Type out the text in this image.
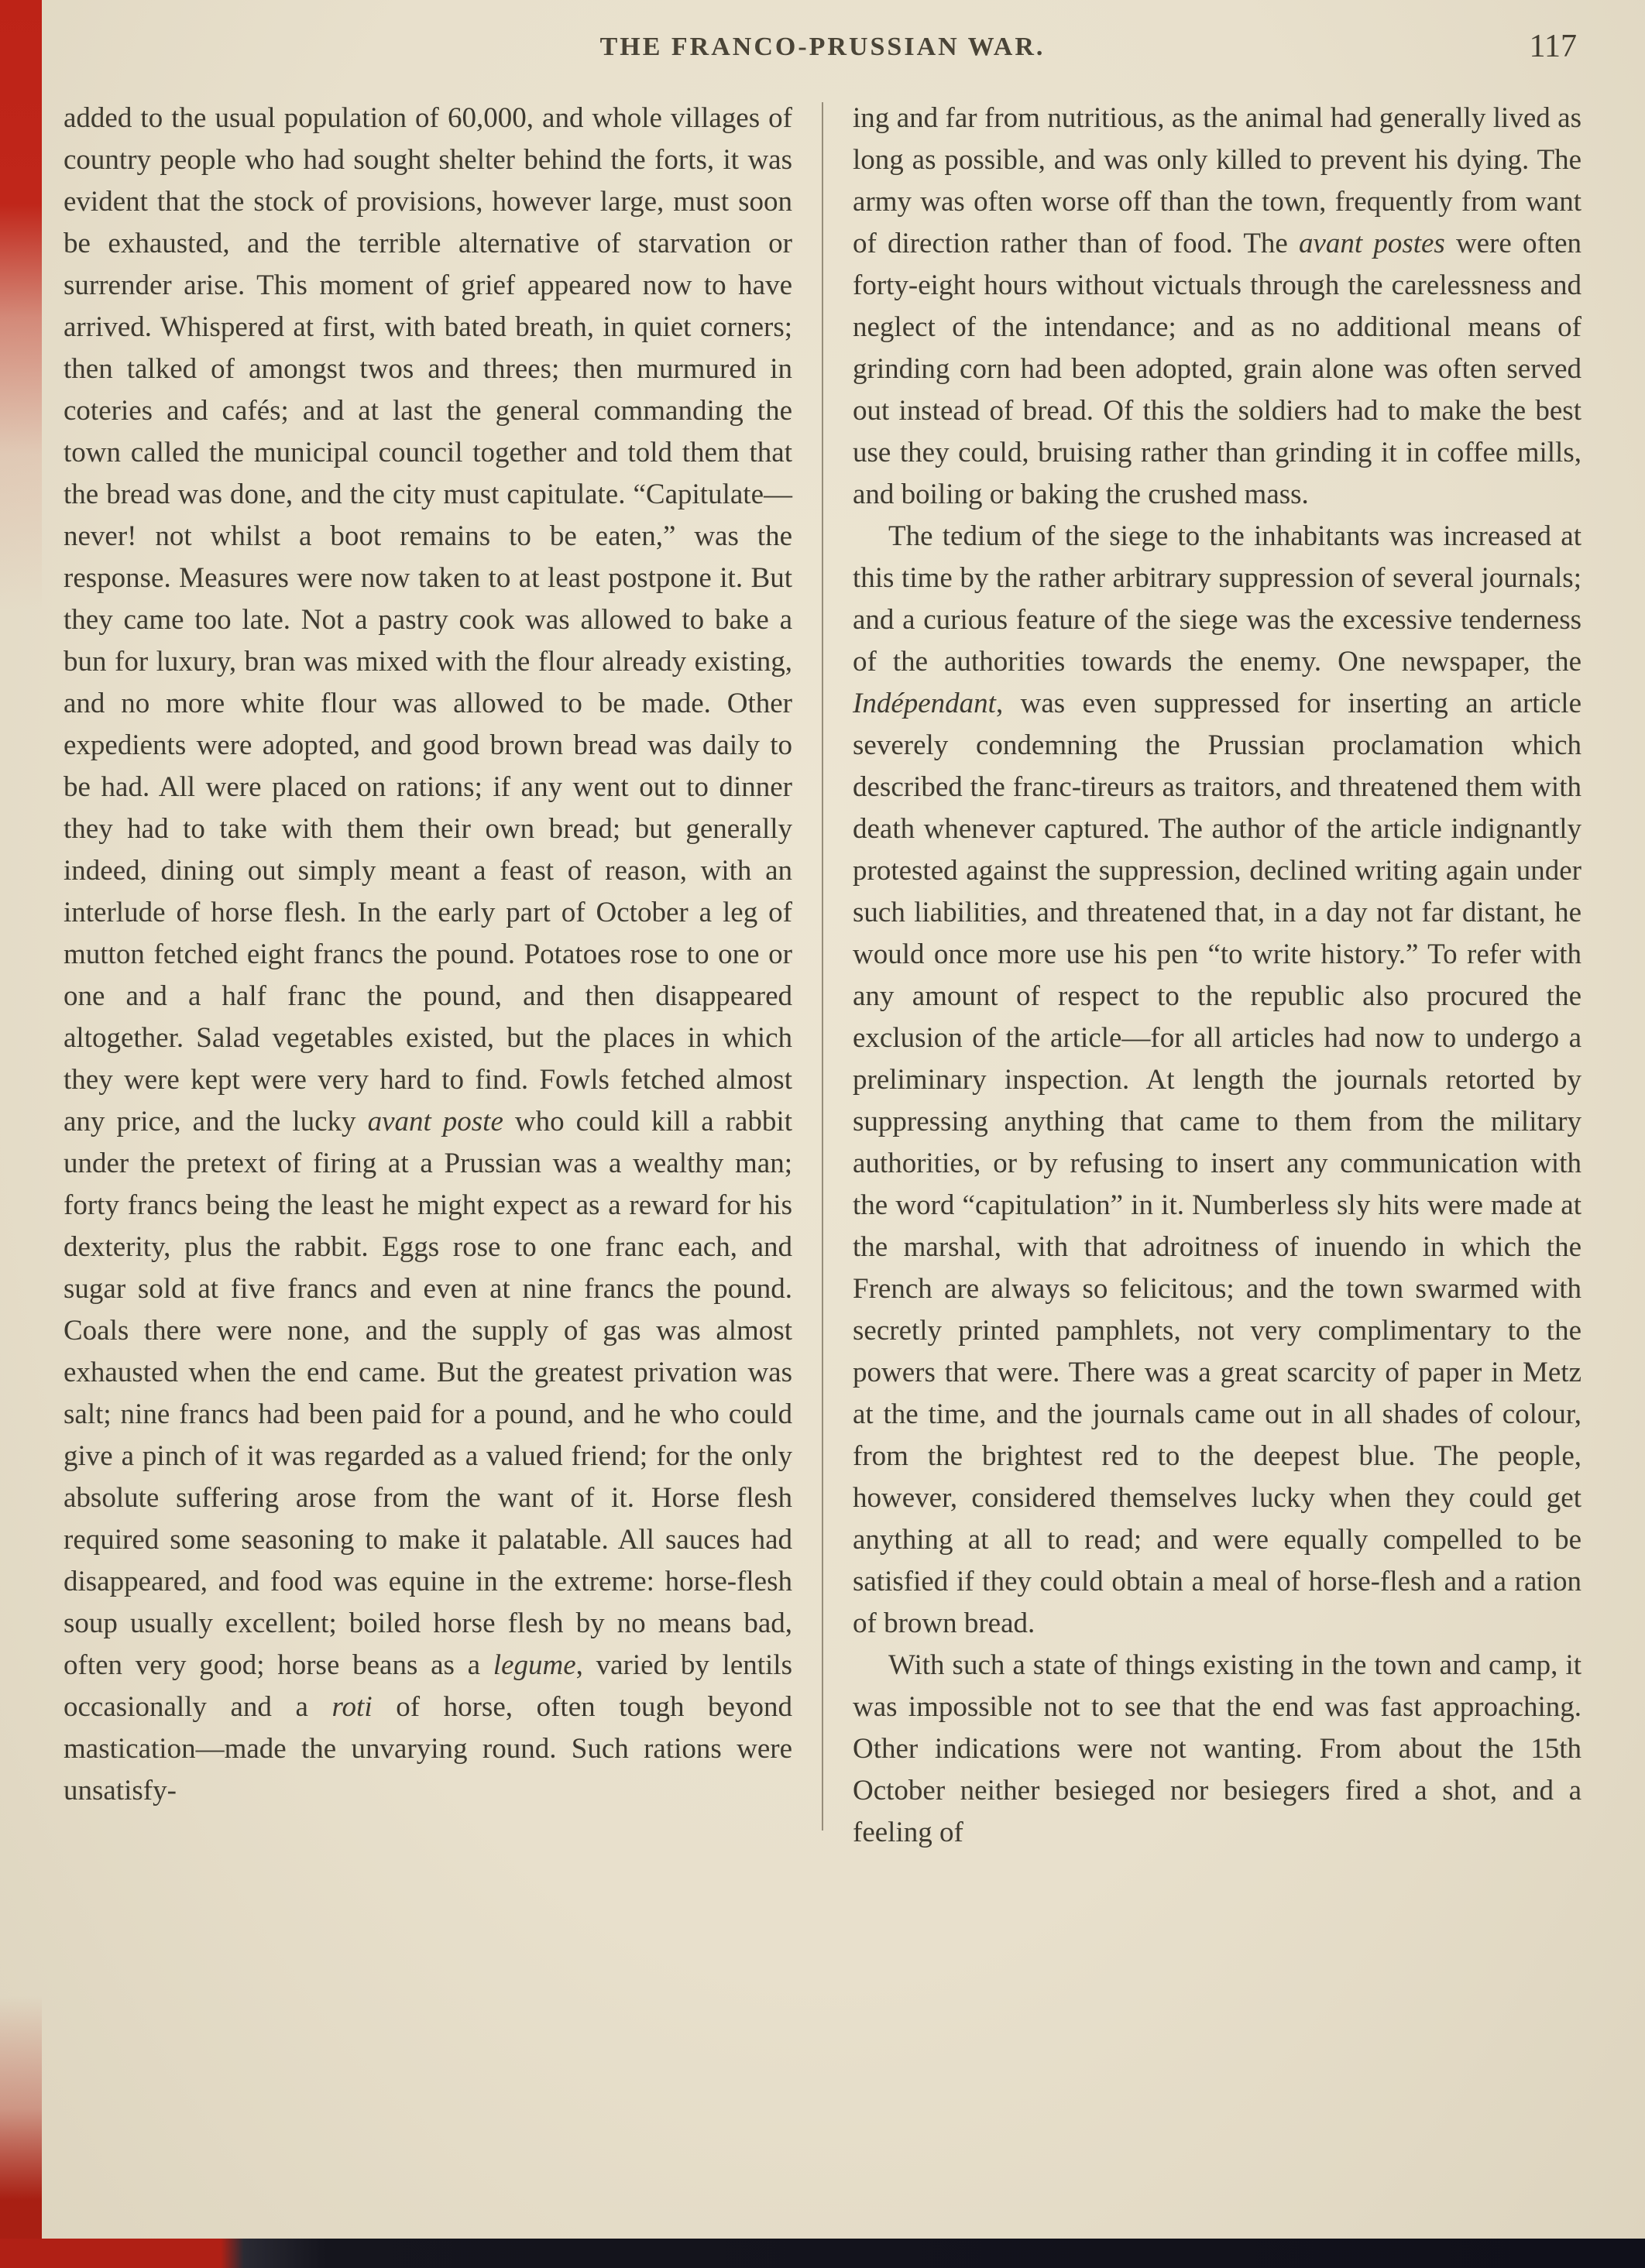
THE FRANCO-PRUSSIAN WAR.	117

added to the usual population of 60,000, and whole villages of country people who had sought shelter behind the forts, it was evident that the stock of provisions, however large, must soon be exhausted, and the terrible alternative of starvation or surrender arise. This moment of grief appeared now to have arrived. Whispered at first, with bated breath, in quiet corners; then talked of amongst twos and threes; then murmured in coteries and cafés; and at last the general commanding the town called the municipal council together and told them that the bread was done, and the city must capitulate. “Capitulate—never! not whilst a boot remains to be eaten,” was the response. Measures were now taken to at least postpone it. But they came too late. Not a pastry cook was allowed to bake a bun for luxury, bran was mixed with the flour already existing, and no more white flour was allowed to be made. Other expedients were adopted, and good brown bread was daily to be had. All were placed on rations; if any went out to dinner they had to take with them their own bread; but generally indeed, dining out simply meant a feast of reason, with an interlude of horse flesh. In the early part of October a leg of mutton fetched eight francs the pound. Potatoes rose to one or one and a half franc the pound, and then disappeared altogether. Salad vegetables existed, but the places in which they were kept were very hard to find. Fowls fetched almost any price, and the lucky avant poste who could kill a rabbit under the pretext of firing at a Prussian was a wealthy man; forty francs being the least he might expect as a reward for his dexterity, plus the rabbit. Eggs rose to one franc each, and sugar sold at five francs and even at nine francs the pound. Coals there were none, and the supply of gas was almost exhausted when the end came. But the greatest privation was salt; nine francs had been paid for a pound, and he who could give a pinch of it was regarded as a valued friend; for the only absolute suffering arose from the want of it. Horse flesh required some seasoning to make it palatable. All sauces had disappeared, and food was equine in the extreme: horse-flesh soup usually excellent; boiled horse flesh by no means bad, often very good; horse beans as a legume, varied by lentils occasionally and a roti of horse, often tough beyond mastication—made the unvarying round. Such rations were unsatisfy-

ing and far from nutritious, as the animal had generally lived as long as possible, and was only killed to prevent his dying. The army was often worse off than the town, frequently from want of direction rather than of food. The avant postes were often forty-eight hours without victuals through the carelessness and neglect of the intendance; and as no additional means of grinding corn had been adopted, grain alone was often served out instead of bread. Of this the soldiers had to make the best use they could, bruising rather than grinding it in coffee mills, and boiling or baking the crushed mass.

The tedium of the siege to the inhabitants was increased at this time by the rather arbitrary suppression of several journals; and a curious feature of the siege was the excessive tenderness of the authorities towards the enemy. One newspaper, the Indépendant, was even suppressed for inserting an article severely condemning the Prussian proclamation which described the franc-tireurs as traitors, and threatened them with death whenever captured. The author of the article indignantly protested against the suppression, declined writing again under such liabilities, and threatened that, in a day not far distant, he would once more use his pen “to write history.” To refer with any amount of respect to the republic also procured the exclusion of the article—for all articles had now to undergo a preliminary inspection. At length the journals retorted by suppressing anything that came to them from the military authorities, or by refusing to insert any communication with the word “capitulation” in it. Numberless sly hits were made at the marshal, with that adroitness of inuendo in which the French are always so felicitous; and the town swarmed with secretly printed pamphlets, not very complimentary to the powers that were. There was a great scarcity of paper in Metz at the time, and the journals came out in all shades of colour, from the brightest red to the deepest blue. The people, however, considered themselves lucky when they could get anything at all to read; and were equally compelled to be satisfied if they could obtain a meal of horse-flesh and a ration of brown bread.

With such a state of things existing in the town and camp, it was impossible not to see that the end was fast approaching. Other indications were not wanting. From about the 15th October neither besieged nor besiegers fired a shot, and a feeling of
